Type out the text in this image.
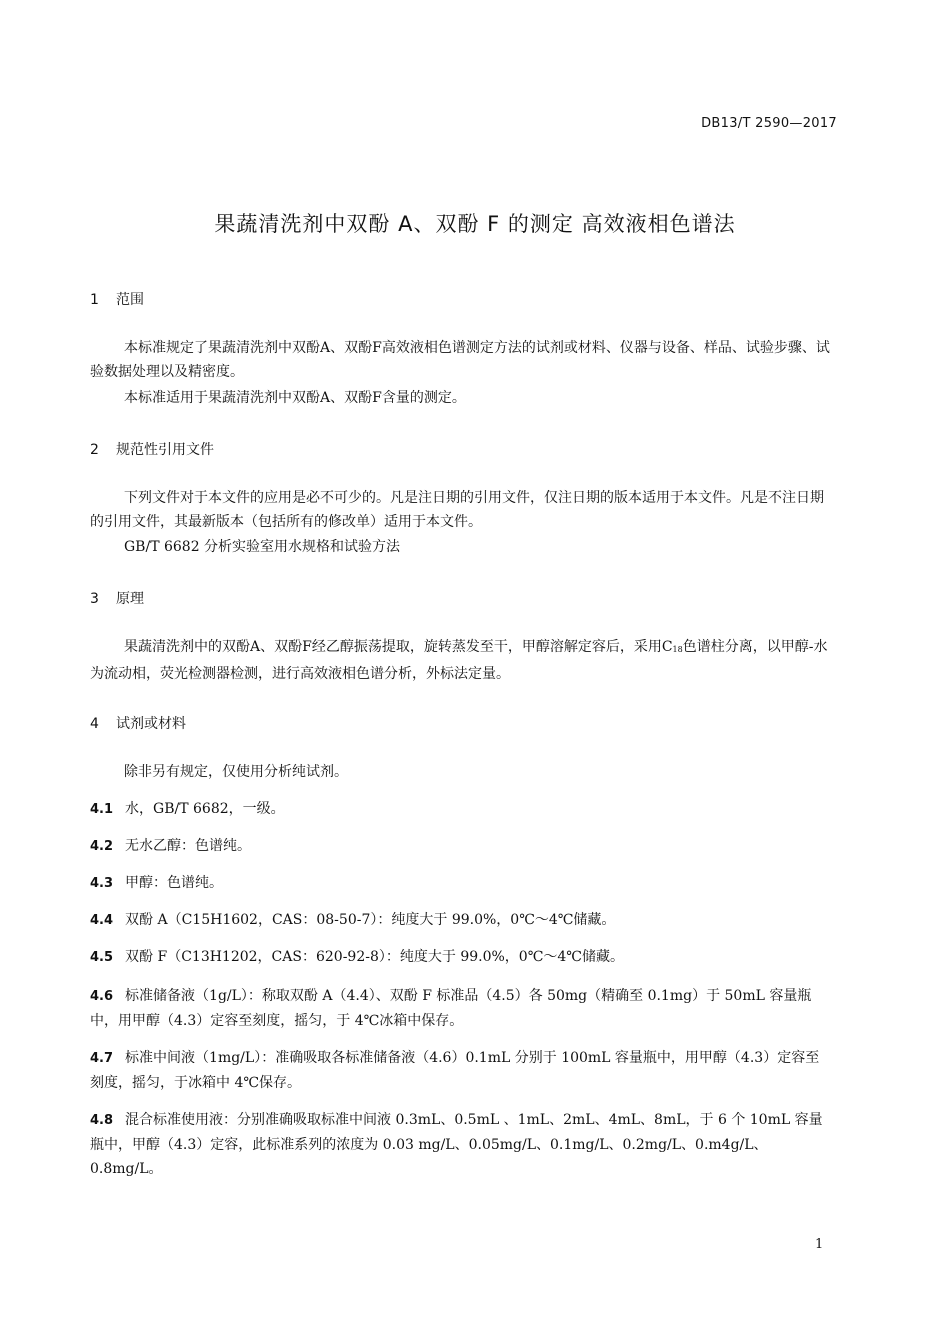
DB13/T 2590—2017
果蔬清洗剂中双酚 A、双酚 F 的测定 高效液相色谱法
1 范围
本标准规定了果蔬清洗剂中双酚A、双酚F高效液相色谱测定方法的试剂或材料、仪器与设备、样品、试验步骤、试验数据处理以及精密度。
本标准适用于果蔬清洗剂中双酚A、双酚F含量的测定。
2 规范性引用文件
下列文件对于本文件的应用是必不可少的。凡是注日期的引用文件，仅注日期的版本适用于本文件。凡是不注日期的引用文件，其最新版本（包括所有的修改单）适用于本文件。
GB/T 6682 分析实验室用水规格和试验方法
3 原理
果蔬清洗剂中的双酚A、双酚F经乙醇振荡提取，旋转蒸发至干，甲醇溶解定容后，采用$C_{18}$色谱柱分离，以甲醇-水为流动相，荧光检测器检测，进行高效液相色谱分析，外标法定量。
4 试剂或材料
除非另有规定，仅使用分析纯试剂。
4.1 水，GB/T 6682，一级。
4.2 无水乙醇：色谱纯。
4.3 甲醇：色谱纯。
4.4 双酚 A（C15H1602，CAS：08-50-7）：纯度大于 99.0%，0℃～4℃储藏。
4.5 双酚 F（C13H1202，CAS：620-92-8）：纯度大于 99.0%，0℃～4℃储藏。
4.6 标准储备液（1g/L）：称取双酚 A（4.4）、双酚 F 标准品（4.5）各 50mg（精确至 0.1mg）于 50mL 容量瓶中，用甲醇（4.3）定容至刻度，摇匀，于 4℃冰箱中保存。
4.7 标准中间液（1mg/L）：准确吸取各标准储备液（4.6）0.1mL 分别于 100mL 容量瓶中，用甲醇（4.3）定容至刻度，摇匀，于冰箱中 4℃保存。
4.8 混合标准使用液：分别准确吸取标准中间液 0.3mL、0.5mL 、1mL、2mL、4mL、8mL，于 6 个 10mL 容量瓶中，甲醇（4.3）定容，此标准系列的浓度为 0.03 mg/L、0.05mg/L、0.1mg/L、0.2mg/L、0.m4g/L、0.8mg/L。
1
